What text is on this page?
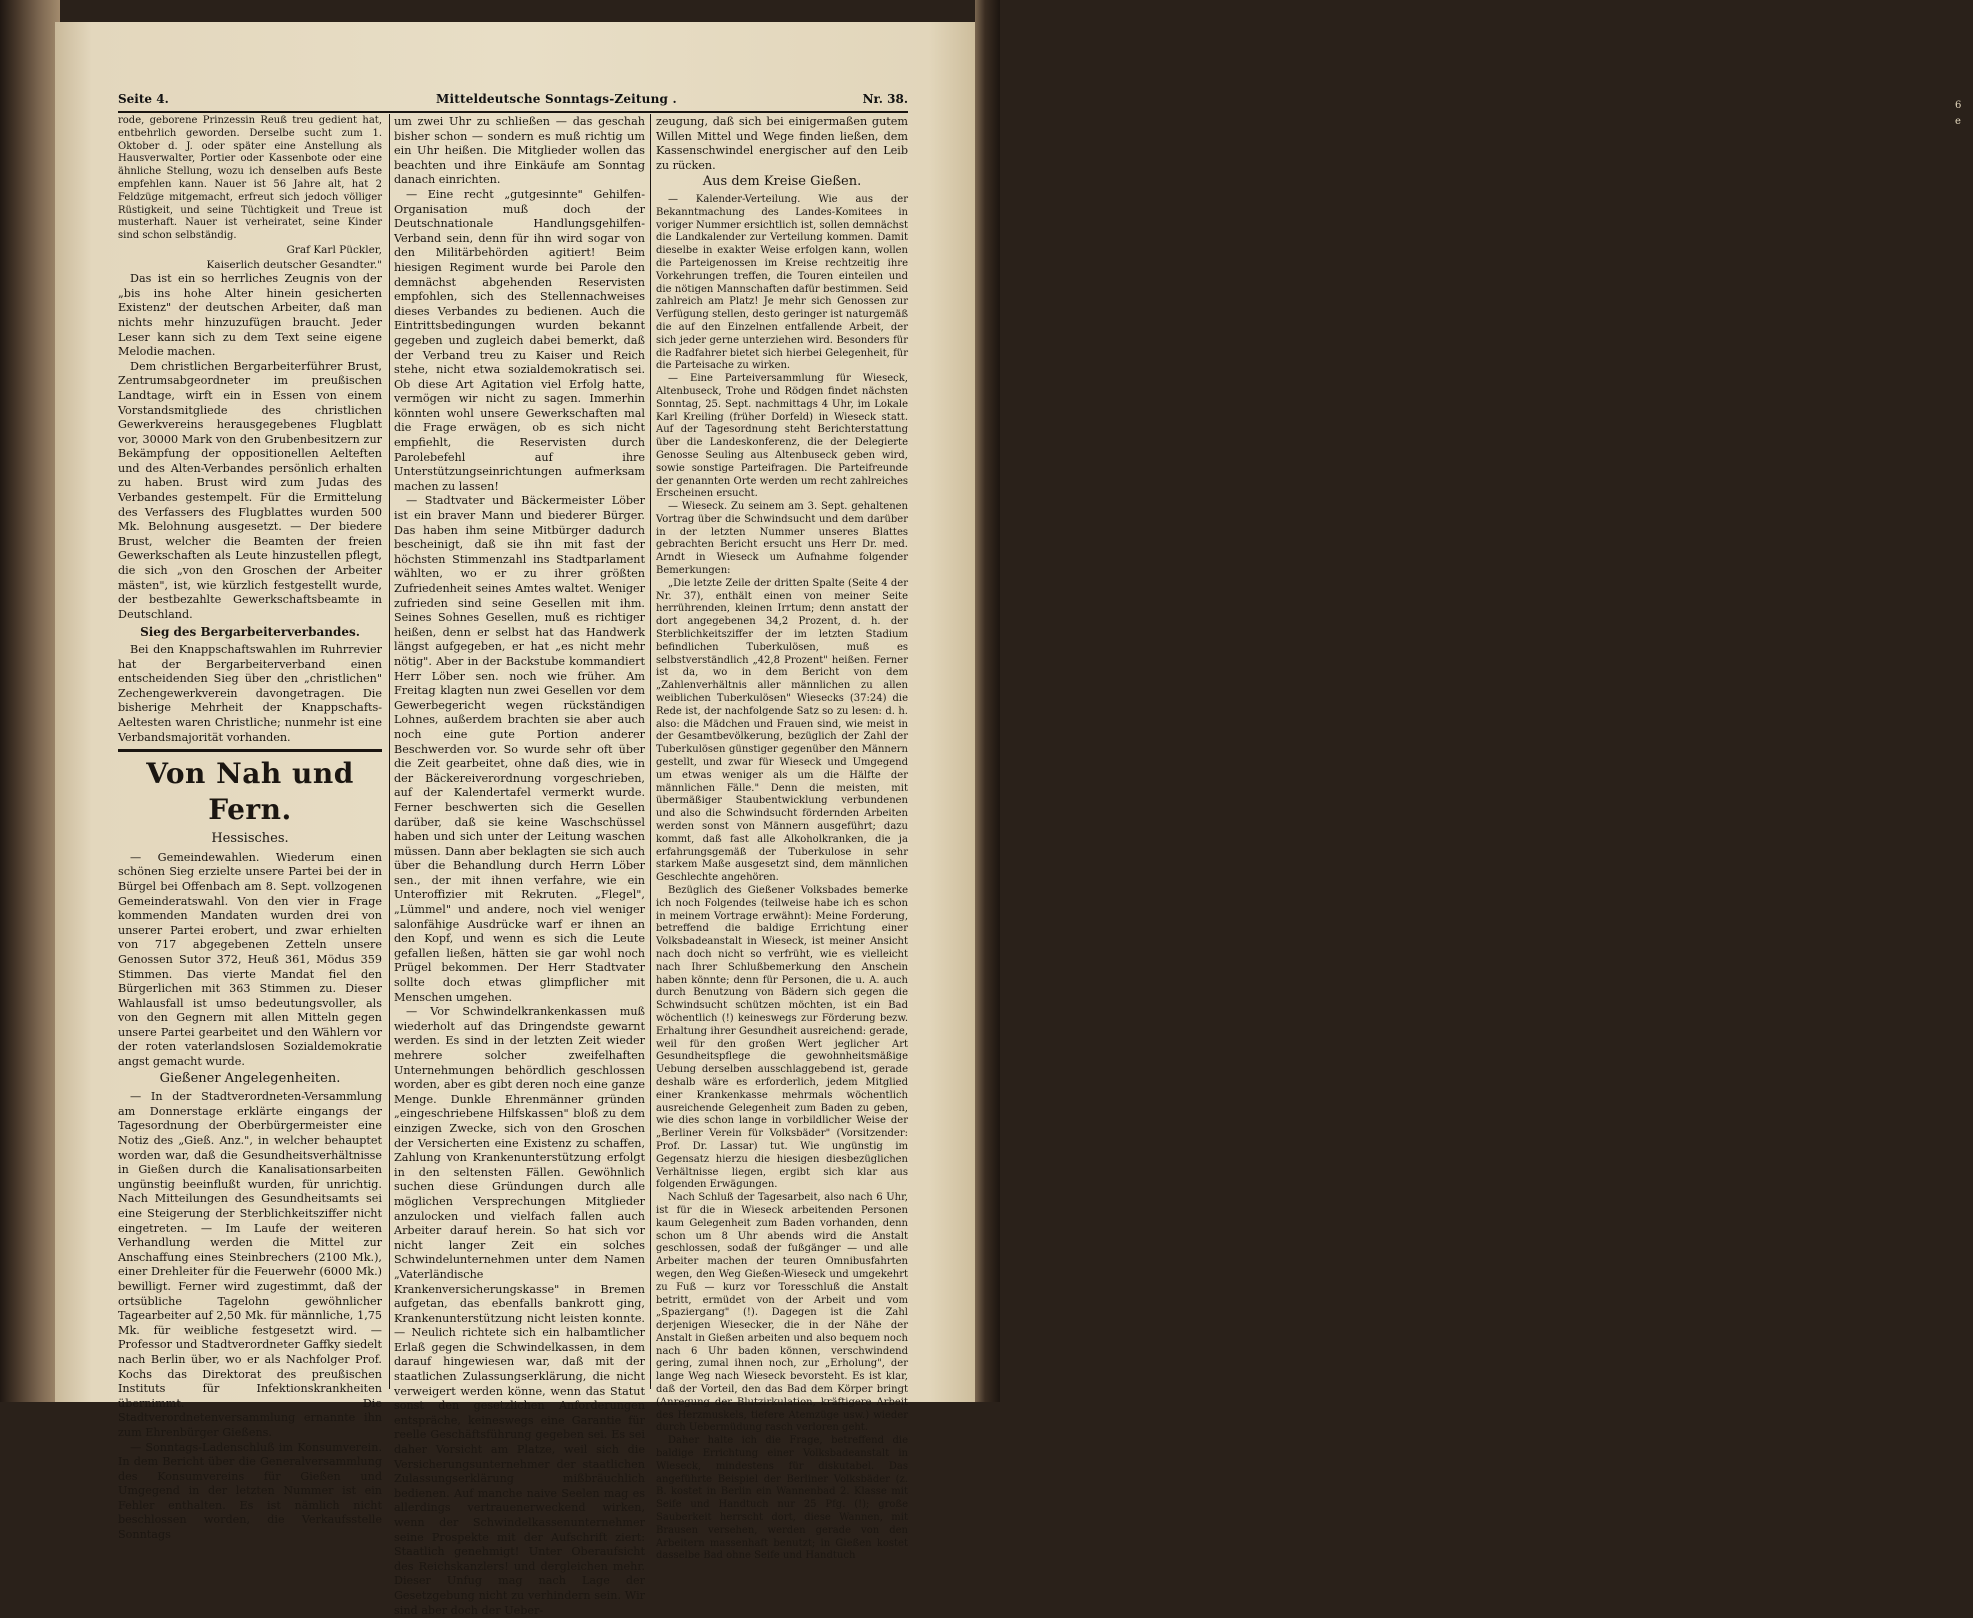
6
e
Seite 4.	Mitteldeutsche Sonntags-Zeitung .	Nr. 38.

rode, geborene Prinzessin Reuß treu gedient hat, entbehrlich geworden. Derselbe sucht zum 1. Oktober d. J. oder später eine Anstellung als Hausverwalter, Portier oder Kassenbote oder eine ähnliche Stellung, wozu ich denselben aufs Beste empfehlen kann. Nauer ist 56 Jahre alt, hat 2 Feldzüge mitgemacht, erfreut sich jedoch völliger Rüstigkeit, und seine Tüchtigkeit und Treue ist musterhaft. Nauer ist verheiratet, seine Kinder sind schon selbständig.

Graf Karl Pückler,

Kaiserlich deutscher Gesandter."

Das ist ein so herrliches Zeugnis von der „bis ins hohe Alter hinein gesicherten Existenz" der deutschen Arbeiter, daß man nichts mehr hinzuzufügen braucht. Jeder Leser kann sich zu dem Text seine eigene Melodie machen.

Dem christlichen Bergarbeiterführer Brust, Zentrumsabgeordneter im preußischen Landtage, wirft ein in Essen von einem Vorstandsmitgliede des christlichen Gewerkvereins herausgegebenes Flugblatt vor, 30000 Mark von den Grubenbesitzern zur Bekämpfung der oppositionellen Aelteften und des Alten-Verbandes persönlich erhalten zu haben. Brust wird zum Judas des Verbandes gestempelt. Für die Ermittelung des Verfassers des Flugblattes wurden 500 Mk. Belohnung ausgesetzt. — Der biedere Brust, welcher die Beamten der freien Gewerkschaften als Leute hinzustellen pflegt, die sich „von den Groschen der Arbeiter mästen", ist, wie kürzlich festgestellt wurde, der bestbezahlte Gewerkschaftsbeamte in Deutschland.

Sieg des Bergarbeiterverbandes.

Bei den Knappschaftswahlen im Ruhrrevier hat der Bergarbeiterverband einen entscheidenden Sieg über den „christlichen" Zechengewerkverein davongetragen. Die bisherige Mehrheit der Knappschafts-Aeltesten waren Christliche; nunmehr ist eine Verbandsmajorität vorhanden.

Von Nah und Fern.

Hessisches.

— Gemeindewahlen. Wiederum einen schönen Sieg erzielte unsere Partei bei der in Bürgel bei Offenbach am 8. Sept. vollzogenen Gemeinderatswahl. Von den vier in Frage kommenden Mandaten wurden drei von unserer Partei erobert, und zwar erhielten von 717 abgegebenen Zetteln unsere Genossen Sutor 372, Heuß 361, Mödus 359 Stimmen. Das vierte Mandat fiel den Bürgerlichen mit 363 Stimmen zu. Dieser Wahlausfall ist umso bedeutungsvoller, als von den Gegnern mit allen Mitteln gegen unsere Partei gearbeitet und den Wählern vor der roten vaterlandslosen Sozialdemokratie angst gemacht wurde.

Gießener Angelegenheiten.

— In der Stadtverordneten-Versammlung am Donnerstage erklärte eingangs der Tagesordnung der Oberbürgermeister eine Notiz des „Gieß. Anz.", in welcher behauptet worden war, daß die Gesundheitsverhältnisse in Gießen durch die Kanalisationsarbeiten ungünstig beeinflußt wurden, für unrichtig. Nach Mitteilungen des Gesundheitsamts sei eine Steigerung der Sterblichkeitsziffer nicht eingetreten. — Im Laufe der weiteren Verhandlung werden die Mittel zur Anschaffung eines Steinbrechers (2100 Mk.), einer Drehleiter für die Feuerwehr (6000 Mk.) bewilligt. Ferner wird zugestimmt, daß der ortsübliche Tagelohn gewöhnlicher Tagearbeiter auf 2,50 Mk. für männliche, 1,75 Mk. für weibliche festgesetzt wird. — Professor und Stadtverordneter Gaffky siedelt nach Berlin über, wo er als Nachfolger Prof. Kochs das Direktorat des preußischen Instituts für Infektionskrankheiten übernimmt. Die Stadtverordnetenversammlung ernannte ihn zum Ehrenbürger Gießens.

— Sonntags-Ladenschluß im Konsumverein. In dem Bericht über die Generalversammlung des Konsumvereins für Gießen und Umgegend in der letzten Nummer ist ein Fehler enthalten. Es ist nämlich nicht beschlossen worden, die Verkaufsstelle Sonntags

um zwei Uhr zu schließen — das geschah bisher schon — sondern es muß richtig um ein Uhr heißen. Die Mitglieder wollen das beachten und ihre Einkäufe am Sonntag danach einrichten.

— Eine recht „gutgesinnte" Gehilfen-Organisation muß doch der Deutschnationale Handlungsgehilfen-Verband sein, denn für ihn wird sogar von den Militärbehörden agitiert! Beim hiesigen Regiment wurde bei Parole den demnächst abgehenden Reservisten empfohlen, sich des Stellennachweises dieses Verbandes zu bedienen. Auch die Eintrittsbedingungen wurden bekannt gegeben und zugleich dabei bemerkt, daß der Verband treu zu Kaiser und Reich stehe, nicht etwa sozialdemokratisch sei. Ob diese Art Agitation viel Erfolg hatte, vermögen wir nicht zu sagen. Immerhin könnten wohl unsere Gewerkschaften mal die Frage erwägen, ob es sich nicht empfiehlt, die Reservisten durch Parolebefehl auf ihre Unterstützungseinrichtungen aufmerksam machen zu lassen!

— Stadtvater und Bäckermeister Löber ist ein braver Mann und biederer Bürger. Das haben ihm seine Mitbürger dadurch bescheinigt, daß sie ihn mit fast der höchsten Stimmenzahl ins Stadtparlament wählten, wo er zu ihrer größten Zufriedenheit seines Amtes waltet. Weniger zufrieden sind seine Gesellen mit ihm. Seines Sohnes Gesellen, muß es richtiger heißen, denn er selbst hat das Handwerk längst aufgegeben, er hat „es nicht mehr nötig". Aber in der Backstube kommandiert Herr Löber sen. noch wie früher. Am Freitag klagten nun zwei Gesellen vor dem Gewerbegericht wegen rückständigen Lohnes, außerdem brachten sie aber auch noch eine gute Portion anderer Beschwerden vor. So wurde sehr oft über die Zeit gearbeitet, ohne daß dies, wie in der Bäckereiverordnung vorgeschrieben, auf der Kalendertafel vermerkt wurde. Ferner beschwerten sich die Gesellen darüber, daß sie keine Waschschüssel haben und sich unter der Leitung waschen müssen. Dann aber beklagten sie sich auch über die Behandlung durch Herrn Löber sen., der mit ihnen verfahre, wie ein Unteroffizier mit Rekruten. „Flegel", „Lümmel" und andere, noch viel weniger salonfähige Ausdrücke warf er ihnen an den Kopf, und wenn es sich die Leute gefallen ließen, hätten sie gar wohl noch Prügel bekommen. Der Herr Stadtvater sollte doch etwas glimpflicher mit Menschen umgehen.

— Vor Schwindelkrankenkassen muß wiederholt auf das Dringendste gewarnt werden. Es sind in der letzten Zeit wieder mehrere solcher zweifelhaften Unternehmungen behördlich geschlossen worden, aber es gibt deren noch eine ganze Menge. Dunkle Ehrenmänner gründen „eingeschriebene Hilfskassen" bloß zu dem einzigen Zwecke, sich von den Groschen der Versicherten eine Existenz zu schaffen, Zahlung von Krankenunterstützung erfolgt in den seltensten Fällen. Gewöhnlich suchen diese Gründungen durch alle möglichen Versprechungen Mitglieder anzulocken und vielfach fallen auch Arbeiter darauf herein. So hat sich vor nicht langer Zeit ein solches Schwindelunternehmen unter dem Namen „Vaterländische Krankenversicherungskasse" in Bremen aufgetan, das ebenfalls bankrott ging, Krankenunterstützung nicht leisten konnte. — Neulich richtete sich ein halbamtlicher Erlaß gegen die Schwindelkassen, in dem darauf hingewiesen war, daß mit der staatlichen Zulassungserklärung, die nicht verweigert werden könne, wenn das Statut sonst den gesetzlichen Anforderungen entspräche, keineswegs eine Garantie für reelle Geschäftsführung gegeben sei. Es sei daher Vorsicht am Platze, weil sich die Versicherungsunternehmer der staatlichen Zulassungserklärung mißbräuchlich bedienen. Auf manche naive Seelen mag es allerdings vertrauenerweckend wirken, wenn der Schwindelkassenunternehmer seine Prospekte mit der Aufschrift ziert: Staatlich genehmigt! Unter Oberaufsicht des Reichskanzlers! und dergleichen mehr. Dieser Unfug mag nach Lage der Gesetzgebung nicht zu verhindern sein. Wir sind aber doch der Ueber-

zeugung, daß sich bei einigermaßen gutem Willen Mittel und Wege finden ließen, dem Kassenschwindel energischer auf den Leib zu rücken.

Aus dem Kreise Gießen.

— Kalender-Verteilung. Wie aus der Bekanntmachung des Landes-Komitees in voriger Nummer ersichtlich ist, sollen demnächst die Landkalender zur Verteilung kommen. Damit dieselbe in exakter Weise erfolgen kann, wollen die Parteigenossen im Kreise rechtzeitig ihre Vorkehrungen treffen, die Touren einteilen und die nötigen Mannschaften dafür bestimmen. Seid zahlreich am Platz! Je mehr sich Genossen zur Verfügung stellen, desto geringer ist naturgemäß die auf den Einzelnen entfallende Arbeit, der sich jeder gerne unterziehen wird. Besonders für die Radfahrer bietet sich hierbei Gelegenheit, für die Parteisache zu wirken.

— Eine Parteiversammlung für Wieseck, Altenbuseck, Trohe und Rödgen findet nächsten Sonntag, 25. Sept. nachmittags 4 Uhr, im Lokale Karl Kreiling (früher Dorfeld) in Wieseck statt. Auf der Tagesordnung steht Berichterstattung über die Landeskonferenz, die der Delegierte Genosse Seuling aus Altenbuseck geben wird, sowie sonstige Parteifragen. Die Parteifreunde der genannten Orte werden um recht zahlreiches Erscheinen ersucht.

— Wieseck. Zu seinem am 3. Sept. gehaltenen Vortrag über die Schwindsucht und dem darüber in der letzten Nummer unseres Blattes gebrachten Bericht ersucht uns Herr Dr. med. Arndt in Wieseck um Aufnahme folgender Bemerkungen:

„Die letzte Zeile der dritten Spalte (Seite 4 der Nr. 37), enthält einen von meiner Seite herrührenden, kleinen Irrtum; denn anstatt der dort angegebenen 34,2 Prozent, d. h. der Sterblichkeitsziffer der im letzten Stadium befindlichen Tuberkulösen, muß es selbstverständlich „42,8 Prozent" heißen. Ferner ist da, wo in dem Bericht von dem „Zahlenverhältnis aller männlichen zu allen weiblichen Tuberkulösen" Wiesecks (37:24) die Rede ist, der nachfolgende Satz so zu lesen: d. h. also: die Mädchen und Frauen sind, wie meist in der Gesamtbevölkerung, bezüglich der Zahl der Tuberkulösen günstiger gegenüber den Männern gestellt, und zwar für Wieseck und Umgegend um etwas weniger als um die Hälfte der männlichen Fälle." Denn die meisten, mit übermäßiger Staubentwicklung verbundenen und also die Schwindsucht fördernden Arbeiten werden sonst von Männern ausgeführt; dazu kommt, daß fast alle Alkoholkranken, die ja erfahrungsgemäß der Tuberkulose in sehr starkem Maße ausgesetzt sind, dem männlichen Geschlechte angehören.

Bezüglich des Gießener Volksbades bemerke ich noch Folgendes (teilweise habe ich es schon in meinem Vortrage erwähnt): Meine Forderung, betreffend die baldige Errichtung einer Volksbadeanstalt in Wieseck, ist meiner Ansicht nach doch nicht so verfrüht, wie es vielleicht nach Ihrer Schlußbemerkung den Anschein haben könnte; denn für Personen, die u. A. auch durch Benutzung von Bädern sich gegen die Schwindsucht schützen möchten, ist ein Bad wöchentlich (!) keineswegs zur Förderung bezw. Erhaltung ihrer Gesundheit ausreichend: gerade, weil für den großen Wert jeglicher Art Gesundheitspflege die gewohnheitsmäßige Uebung derselben ausschlaggebend ist, gerade deshalb wäre es erforderlich, jedem Mitglied einer Krankenkasse mehrmals wöchentlich ausreichende Gelegenheit zum Baden zu geben, wie dies schon lange in vorbildlicher Weise der „Berliner Verein für Volksbäder" (Vorsitzender: Prof. Dr. Lassar) tut. Wie ungünstig im Gegensatz hierzu die hiesigen diesbezüglichen Verhältnisse liegen, ergibt sich klar aus folgenden Erwägungen.

Nach Schluß der Tagesarbeit, also nach 6 Uhr, ist für die in Wieseck arbeitenden Personen kaum Gelegenheit zum Baden vorhanden, denn schon um 8 Uhr abends wird die Anstalt geschlossen, sodaß der fußgänger — und alle Arbeiter machen der teuren Omnibusfahrten wegen, den Weg Gießen-Wieseck und umgekehrt zu Fuß — kurz vor Toresschluß die Anstalt betritt, ermüdet von der Arbeit und vom „Spaziergang" (!). Dagegen ist die Zahl derjenigen Wiesecker, die in der Nähe der Anstalt in Gießen arbeiten und also bequem noch nach 6 Uhr baden können, verschwindend gering, zumal ihnen noch, zur „Erholung", der lange Weg nach Wieseck bevorsteht. Es ist klar, daß der Vorteil, den das Bad dem Körper bringt (Anregung der Blutzirkulation, kräftigere Arbeit des Herzmuskels, tiefere Atemzüge usw.) wieder durch Uebermüdung rasch verloren geht.

Daher halte ich die Frage, betreffend die baldige Errichtung einer Volksbadeanstalt in Wieseck, mindestens für diskutabel. Das angeführte Beispiel der Berliner Volksbäder (z. B. kostet in Berlin ein Wannenbad 2. Klasse mit Seife und Handtuch nur 25 Pfg. (!); große Sauberkeit herrscht dort, diese Wannen, mit Brausen versehen, werden gerade von den Arbeitern massenhaft benutzt; in Gießen kostet dasselbe Bad ohne Seife und Handtuch
